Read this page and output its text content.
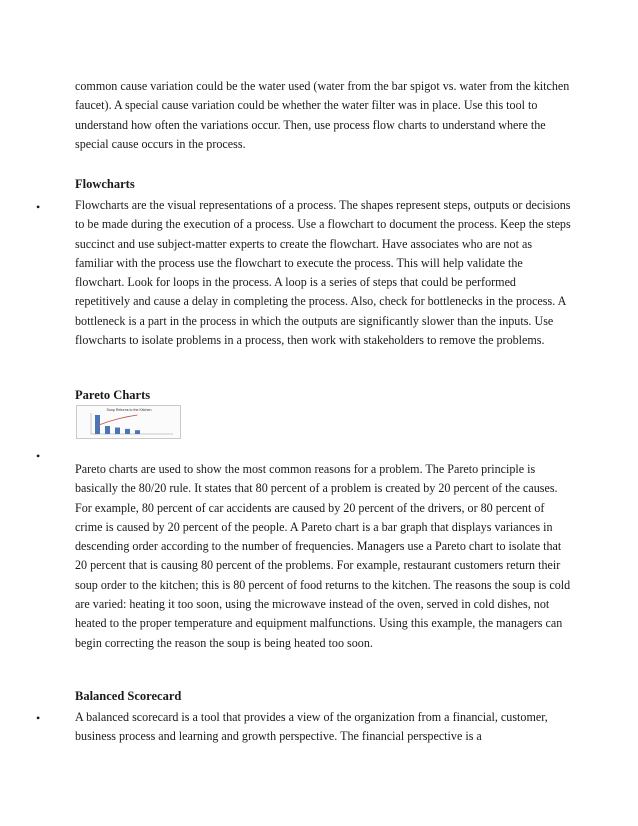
common cause variation could be the water used (water from the bar spigot vs. water from the kitchen faucet). A special cause variation could be whether the water filter was in place. Use this tool to understand how often the variations occur. Then, use process flow charts to understand where the special cause occurs in the process.

Flowcharts

•	Flowcharts are the visual representations of a process. The shapes represent steps, outputs or decisions to be made during the execution of a process. Use a flowchart to document the process. Keep the steps succinct and use subject-matter experts to create the flowchart. Have associates who are not as familiar with the process use the flowchart to execute the process. This will help validate the flowchart. Look for loops in the process. A loop is a series of steps that could be performed repetitively and cause a delay in completing the process. Also, check for bottlenecks in the process. A bottleneck is a part in the process in which the outputs are significantly slower than the inputs. Use flowcharts to isolate problems in a process, then work with stakeholders to remove the problems.

Pareto Charts

Soup Returns to the Kitchen
•

Pareto charts are used to show the most common reasons for a problem. The Pareto principle is basically the 80/20 rule. It states that 80 percent of a problem is created by 20 percent of the causes. For example, 80 percent of car accidents are caused by 20 percent of the drivers, or 80 percent of crime is caused by 20 percent of the people. A Pareto chart is a bar graph that displays variances in descending order according to the number of frequencies. Managers use a Pareto chart to isolate that 20 percent that is causing 80 percent of the problems. For example, restaurant customers return their soup order to the kitchen; this is 80 percent of food returns to the kitchen. The reasons the soup is cold are varied: heating it too soon, using the microwave instead of the oven, served in cold dishes, not heated to the proper temperature and equipment malfunctions. Using this example, the managers can begin correcting the reason the soup is being heated too soon.

Balanced Scorecard

•	A balanced scorecard is a tool that provides a view of the organization from a financial, customer, business process and learning and growth perspective. The financial perspective is a
